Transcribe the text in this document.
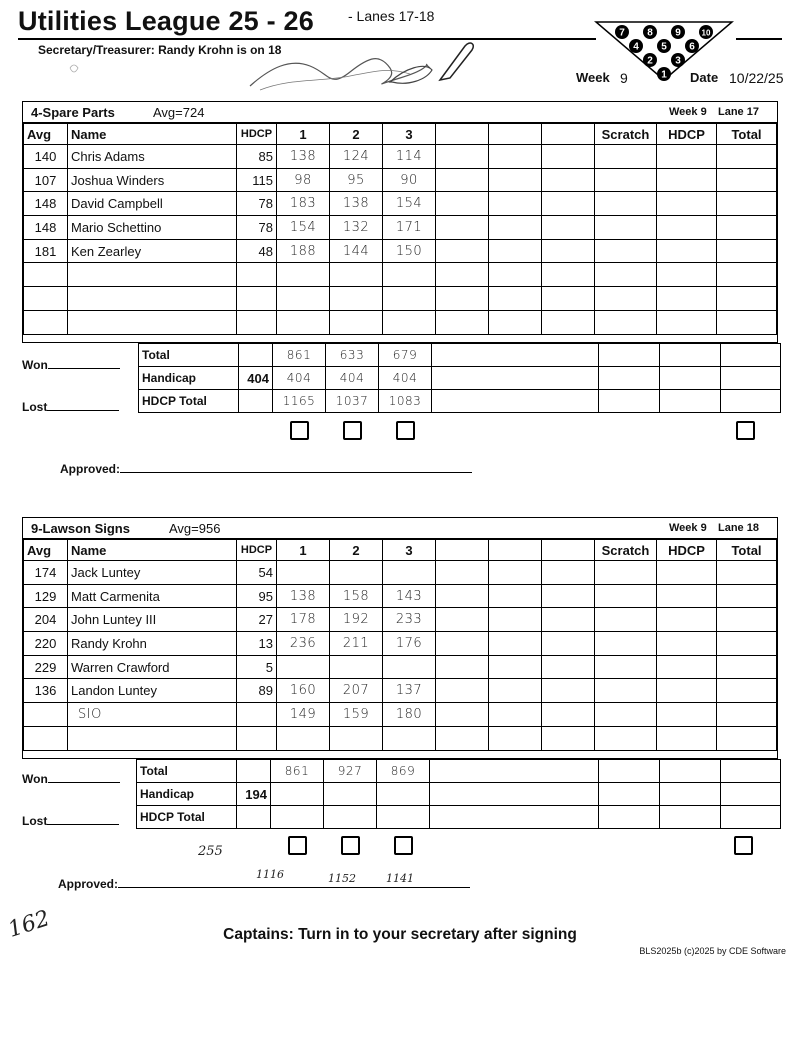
Utilities League 25 - 26 - Lanes 17-18
Secretary/Treasurer: Randy Krohn is on 18
7 8 9	10
4 5 6
2 3
1
Week 9	Date 10/22/25
4-Spare Parts	Avg=724	Week 9 Lane 17
Avg	Name	HDCP	1	2	3				Scratch	HDCP	Total
140	Chris Adams	85	138	124	114						
107	Joshua Winders	115	98	95	90						
148	David Campbell	78	183	138	154						
148	Mario Schettino	78	154	132	171						
181	Ken Zearley	48	188	144	150						

Won
Lost
Total		861	633	679				
Handicap	404	404	404	404				
HDCP Total		1165	1037	1083				
Approved:
9-Lawson Signs	Avg=956	Week 9 Lane 18
Avg	Name	HDCP	1	2	3				Scratch	HDCP	Total
174	Jack Luntey	54									
129	Matt Carmenita	95	138	158	143						
204	John Luntey III	27	178	192	233						
220	Randy Krohn	13	236	211	176						
229	Warren Crawford	5									
136	Landon Luntey	89	160	207	137						
	SIO		149	159	180						

Won
Lost
Total		861	927	869				
Handicap	194							
HDCP Total								
255
Approved:
1116	1152	1141
162	Captains: Turn in to your secretary after signing
BLS2025b (c)2025 by CDE Software
